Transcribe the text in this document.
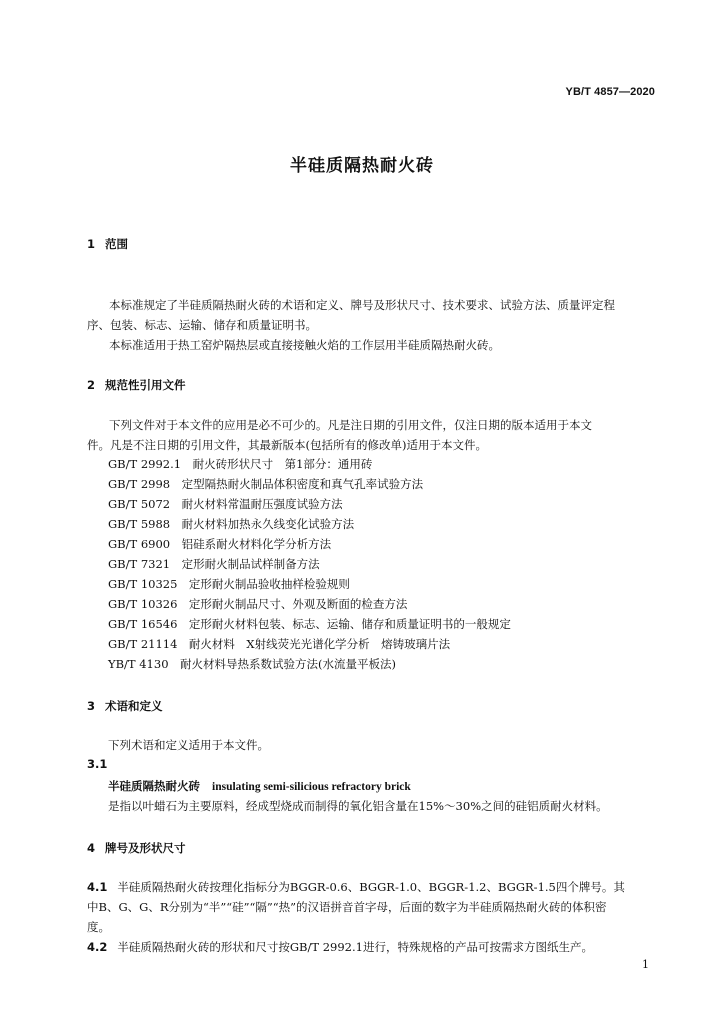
YB/T 4857—2020
半硅质隔热耐火砖
1 范围
本标准规定了半硅质隔热耐火砖的术语和定义、牌号及形状尺寸、技术要求、试验方法、质量评定程
序、包装、标志、运输、储存和质量证明书。
本标准适用于热工窑炉隔热层或直接接触火焰的工作层用半硅质隔热耐火砖。
2 规范性引用文件
下列文件对于本文件的应用是必不可少的。凡是注日期的引用文件，仅注日期的版本适用于本文
件。凡是不注日期的引用文件，其最新版本(包括所有的修改单)适用于本文件。
GB/T 2992.1　耐火砖形状尺寸　第1部分：通用砖
GB/T 2998　定型隔热耐火制品体积密度和真气孔率试验方法
GB/T 5072　耐火材料常温耐压强度试验方法
GB/T 5988　耐火材料加热永久线变化试验方法
GB/T 6900　铝硅系耐火材料化学分析方法
GB/T 7321　定形耐火制品试样制备方法
GB/T 10325　定形耐火制品验收抽样检验规则
GB/T 10326　定形耐火制品尺寸、外观及断面的检查方法
GB/T 16546　定形耐火材料包装、标志、运输、储存和质量证明书的一般规定
GB/T 21114　耐火材料　X射线荧光光谱化学分析　熔铸玻璃片法
YB/T 4130　耐火材料导热系数试验方法(水流量平板法)
3 术语和定义
下列术语和定义适用于本文件。
3.1
半硅质隔热耐火砖 insulating semi-silicious refractory brick
是指以叶蜡石为主要原料，经成型烧成而制得的氧化铝含量在15%～30%之间的硅铝质耐火材料。
4 牌号及形状尺寸
4.1 半硅质隔热耐火砖按理化指标分为BGGR-0.6、BGGR-1.0、BGGR-1.2、BGGR-1.5四个牌号。其
中B、G、G、R分别为“半”“硅”“隔”“热”的汉语拼音首字母，后面的数字为半硅质隔热耐火砖的体积密
度。
4.2 半硅质隔热耐火砖的形状和尺寸按GB/T 2992.1进行，特殊规格的产品可按需求方图纸生产。
1
